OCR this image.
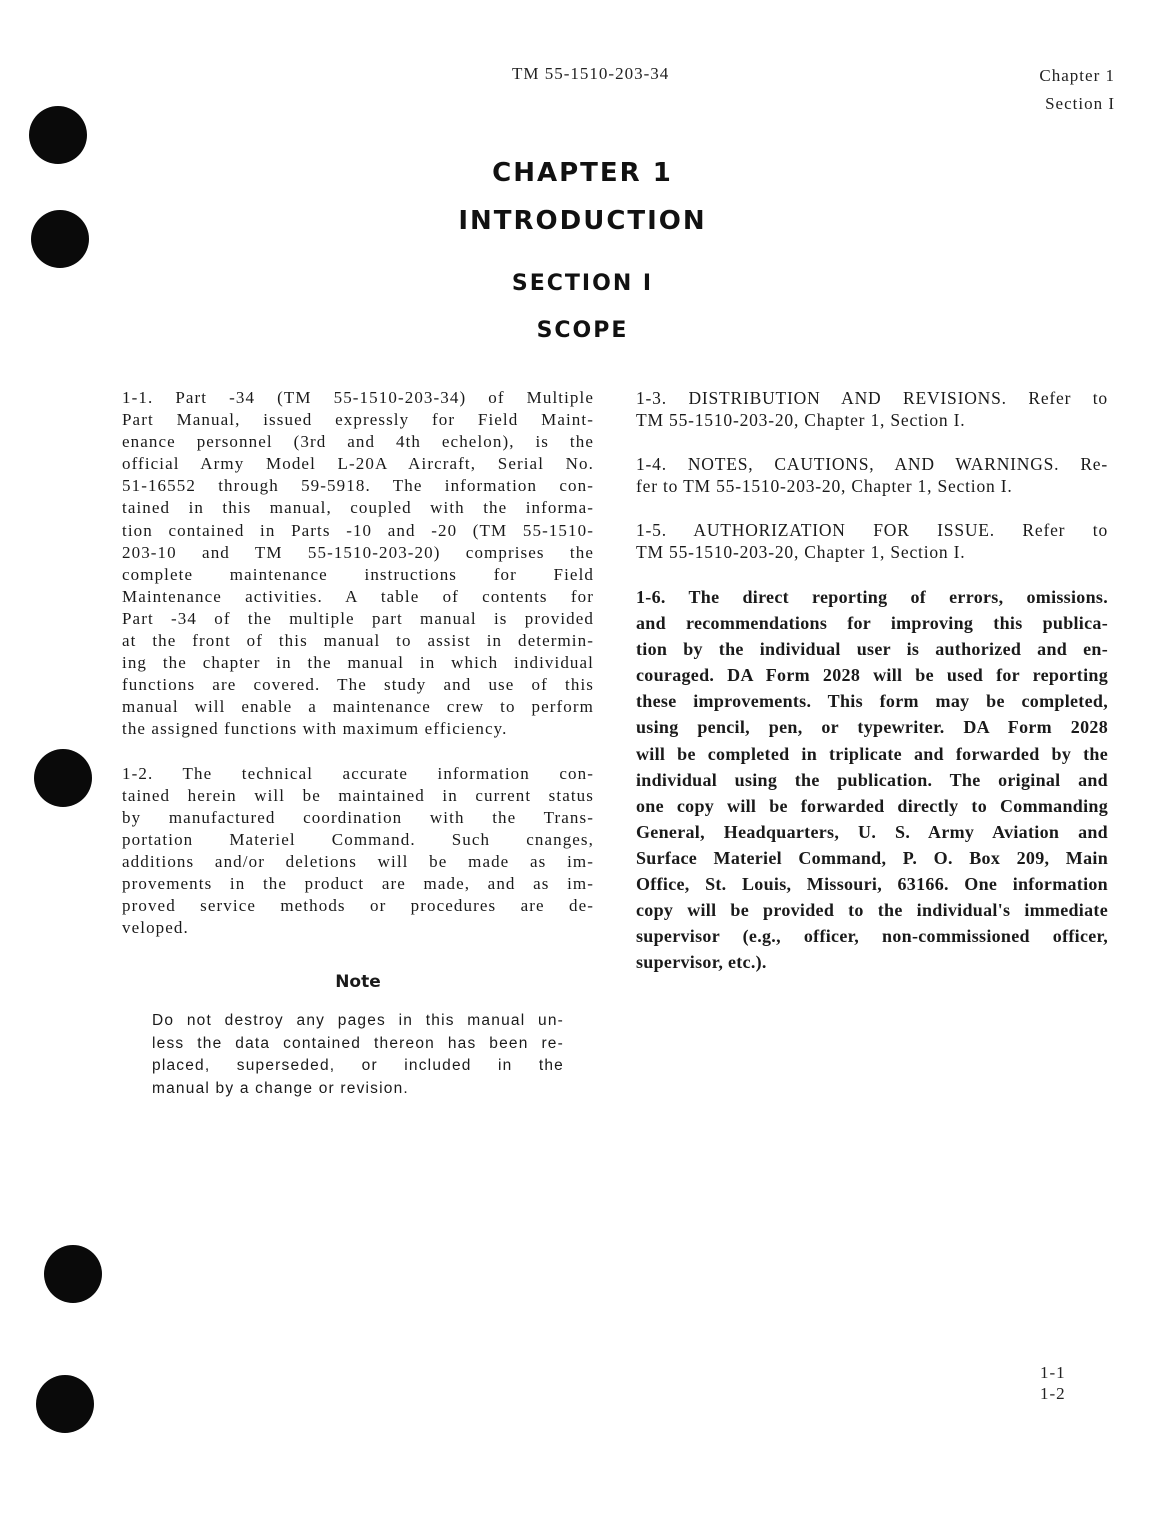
TM 55-1510-203-34	Chapter 1
Section I
CHAPTER 1
INTRODUCTION
SECTION I
SCOPE
1-1. Part -34 (TM 55-1510-203-34) of Multiple
Part Manual, issued expressly for Field Maint-
enance personnel (3rd and 4th echelon), is the
official Army Model L-20A Aircraft, Serial No.
51-16552 through 59-5918. The information con-
tained in this manual, coupled with the informa-
tion contained in Parts -10 and -20 (TM 55-1510-
203-10 and TM 55-1510-203-20) comprises the
complete maintenance instructions for Field
Maintenance activities. A table of contents for
Part -34 of the multiple part manual is provided
at the front of this manual to assist in determin-
ing the chapter in the manual in which individual
functions are covered. The study and use of this
manual will enable a maintenance crew to perform
the assigned functions with maximum efficiency.
1-2. The technical accurate information con-
tained herein will be maintained in current status
by manufactured coordination with the Trans-
portation Materiel Command. Such cnanges,
additions and/or deletions will be made as im-
provements in the product are made, and as im-
proved service methods or procedures are de-
veloped.
Note
Do not destroy any pages in this manual un-
less the data contained thereon has been re-
placed, superseded, or included in the
manual by a change or revision.
1-3. DISTRIBUTION AND REVISIONS. Refer to
TM 55-1510-203-20, Chapter 1, Section I.
1-4. NOTES, CAUTIONS, AND WARNINGS. Re-
fer to TM 55-1510-203-20, Chapter 1, Section I.
1-5. AUTHORIZATION FOR ISSUE. Refer to
TM 55-1510-203-20, Chapter 1, Section I.
1-6. The direct reporting of errors, omissions.
and recommendations for improving this publica-
tion by the individual user is authorized and en-
couraged. DA Form 2028 will be used for reporting
these improvements. This form may be completed,
using pencil, pen, or typewriter. DA Form 2028
will be completed in triplicate and forwarded by the
individual using the publication. The original and
one copy will be forwarded directly to Commanding
General, Headquarters, U. S. Army Aviation and
Surface Materiel Command, P. O. Box 209, Main
Office, St. Louis, Missouri, 63166. One information
copy will be provided to the individual's immediate
supervisor (e.g., officer, non-commissioned officer,
supervisor, etc.).
1-1
1-2
